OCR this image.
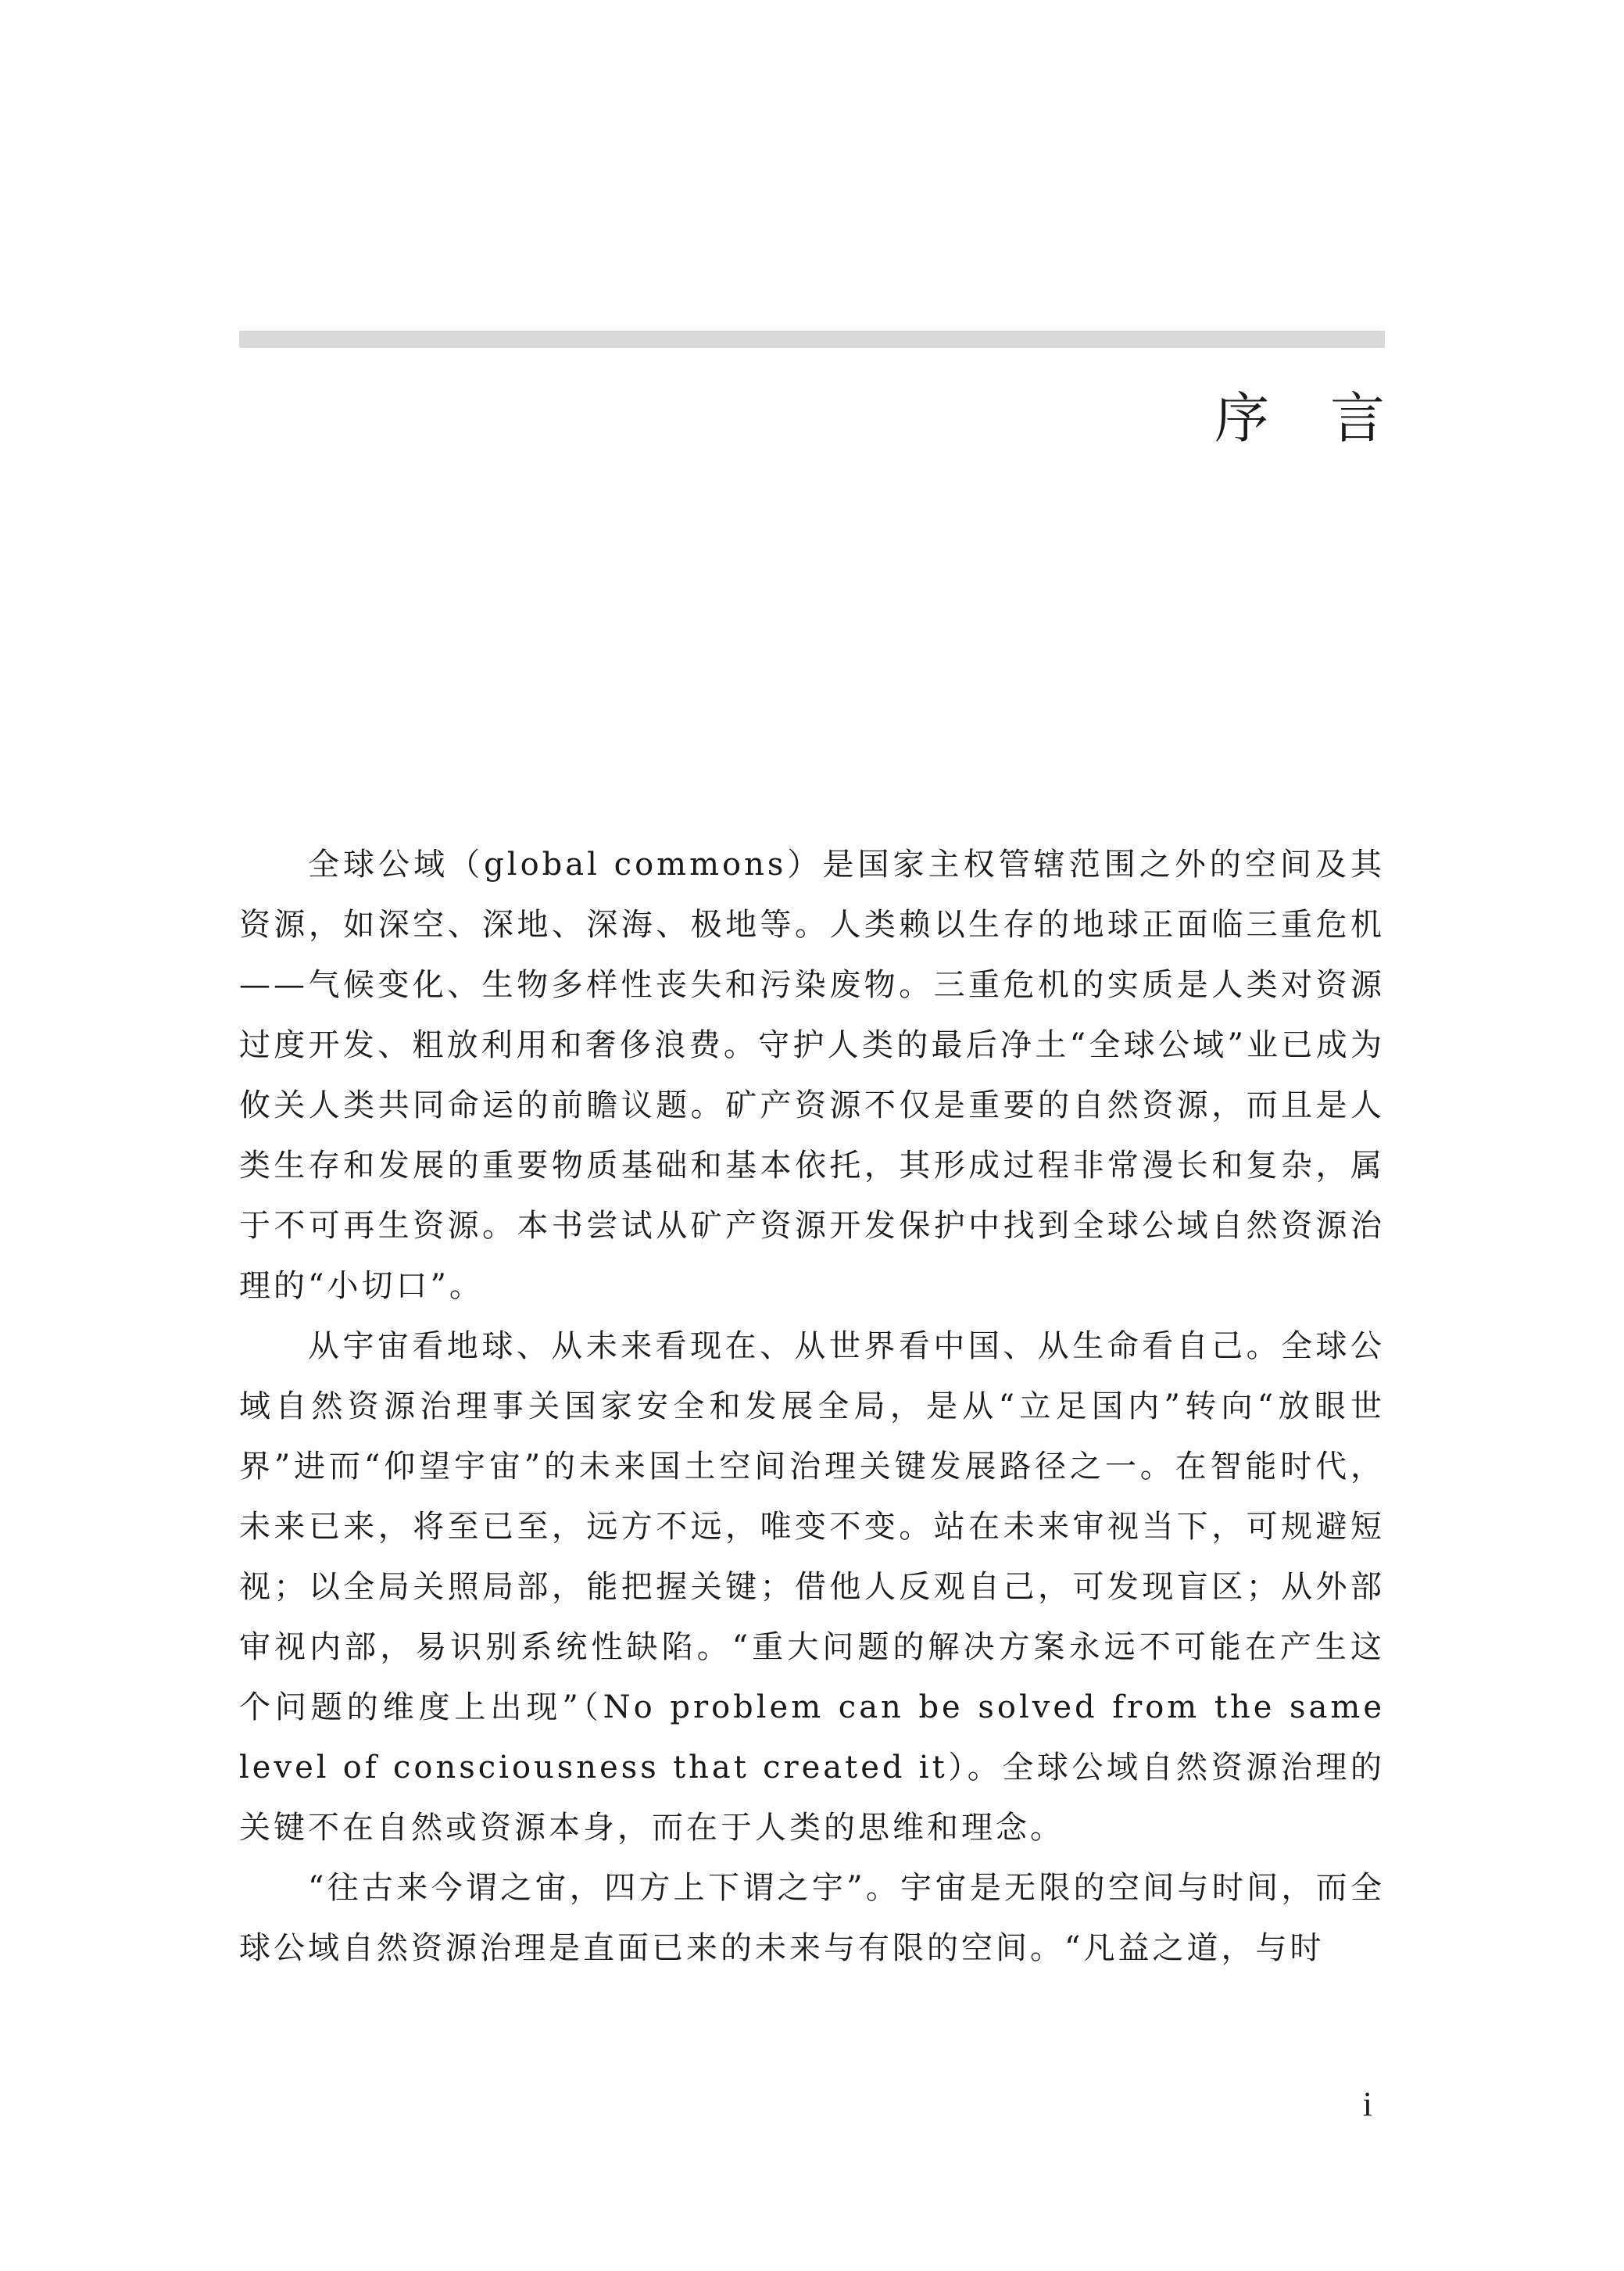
序言

全球公域（global commons）是国家主权管辖范围之外的空间及其资源，如深空、深地、深海、极地等。人类赖以生存的地球正面临三重危机——气候变化、生物多样性丧失和污染废物。三重危机的实质是人类对资源过度开发、粗放利用和奢侈浪费。守护人类的最后净土“全球公域”业已成为攸关人类共同命运的前瞻议题。矿产资源不仅是重要的自然资源，而且是人类生存和发展的重要物质基础和基本依托，其形成过程非常漫长和复杂，属于不可再生资源。本书尝试从矿产资源开发保护中找到全球公域自然资源治理的“小切口”。

从宇宙看地球、从未来看现在、从世界看中国、从生命看自己。全球公域自然资源治理事关国家安全和发展全局，是从“立足国内”转向“放眼世界”进而“仰望宇宙”的未来国土空间治理关键发展路径之一。在智能时代，未来已来，将至已至，远方不远，唯变不变。站在未来审视当下，可规避短视；以全局关照局部，能把握关键；借他人反观自己，可发现盲区；从外部审视内部，易识别系统性缺陷。“重大问题的解决方案永远不可能在产生这个问题的维度上出现”（No problem can be solved from the same level of consciousness that created it）。全球公域自然资源治理的关键不在自然或资源本身，而在于人类的思维和理念。

“往古来今谓之宙，四方上下谓之宇”。宇宙是无限的空间与时间，而全球公域自然资源治理是直面已来的未来与有限的空间。“凡益之道，与时

i
